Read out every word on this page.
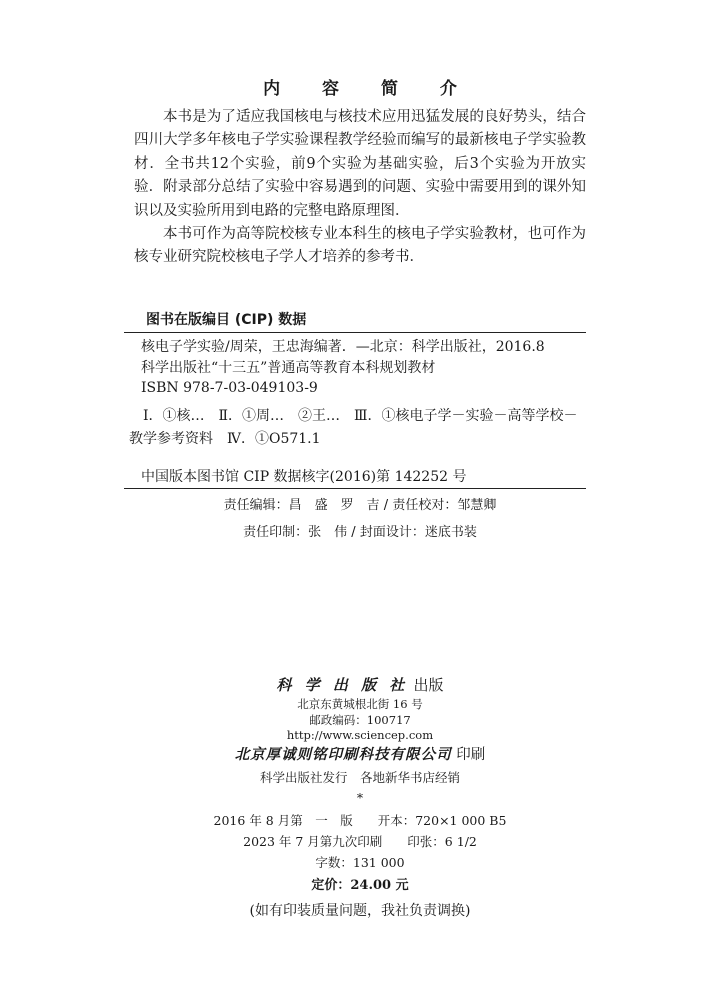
内 容 简 介

本书是为了适应我国核电与核技术应用迅猛发展的良好势头，结合四川大学多年核电子学实验课程教学经验而编写的最新核电子学实验教材．全书共12个实验，前9个实验为基础实验，后3个实验为开放实验．附录部分总结了实验中容易遇到的问题、实验中需要用到的课外知识以及实验所用到电路的完整电路原理图．

本书可作为高等院校核专业本科生的核电子学实验教材，也可作为核专业研究院校核电子学人才培养的参考书．

图书在版编目 (CIP) 数据
核电子学实验/周荣，王忠海编著．—北京：科学出版社，2016.8
科学出版社“十三五”普通高等教育本科规划教材
ISBN 978-7-03-049103-9

Ⅰ．①核…　Ⅱ．①周…　②王…　Ⅲ．①核电子学－实验－高等学校－教学参考资料　Ⅳ．①O571.1

中国版本图书馆 CIP 数据核字(2016)第 142252 号
责任编辑：昌　盛　罗　吉 / 责任校对：邹慧卿
责任印制：张　伟 / 封面设计：迷底书装
科 学 出 版 社 出版
北京东黄城根北街 16 号
邮政编码：100717
http://www.sciencep.com
北京厚诚则铭印刷科技有限公司 印刷
科学出版社发行　各地新华书店经销
*
2016 年 8 月第　一　版　　开本：720×1 000 B5
2023 年 7 月第九次印刷　　印张：6 1/2
字数：131 000
定价：24.00 元
(如有印装质量问题，我社负责调换)
